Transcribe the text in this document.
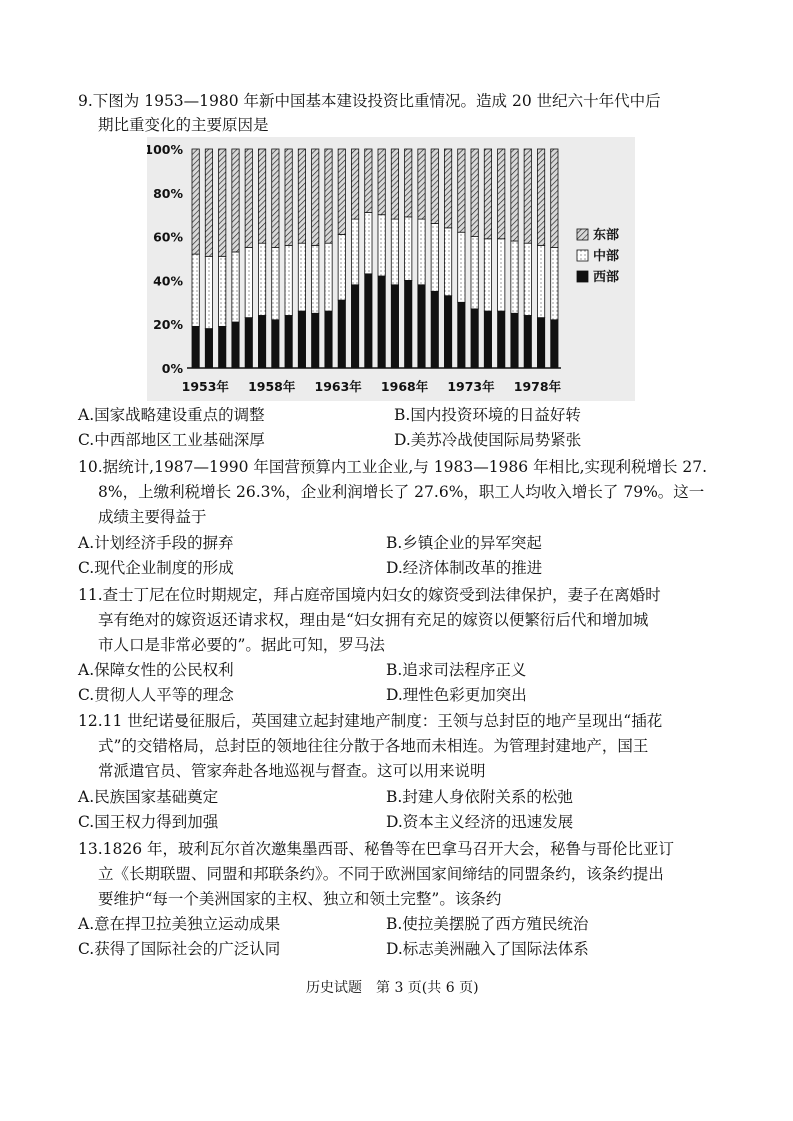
9.下图为 1953—1980 年新中国基本建设投资比重情况。造成 20 世纪六十年代中后
期比重变化的主要原因是
0%
20%
40%
60%
80%
100%
1953年 1958年 1963年 1968年 1973年 1978年
东部
中部
西部
A.国家战略建设重点的调整	B.国内投资环境的日益好转
C.中西部地区工业基础深厚	D.美苏冷战使国际局势紧张
10.据统计,1987—1990 年国营预算内工业企业,与 1983—1986 年相比,实现利税增长 27.
8%，上缴利税增长 26.3%，企业利润增长了 27.6%，职工人均收入增长了 79%。这一
成绩主要得益于
A.计划经济手段的摒弃	B.乡镇企业的异军突起
C.现代企业制度的形成	D.经济体制改革的推进
11.查士丁尼在位时期规定，拜占庭帝国境内妇女的嫁资受到法律保护，妻子在离婚时
享有绝对的嫁资返还请求权，理由是“妇女拥有充足的嫁资以便繁衍后代和增加城
市人口是非常必要的”。据此可知，罗马法
A.保障女性的公民权利	B.追求司法程序正义
C.贯彻人人平等的理念	D.理性色彩更加突出
12.11 世纪诺曼征服后，英国建立起封建地产制度：王领与总封臣的地产呈现出“插花
式”的交错格局，总封臣的领地往往分散于各地而未相连。为管理封建地产，国王
常派遣官员、管家奔赴各地巡视与督查。这可以用来说明
A.民族国家基础奠定	B.封建人身依附关系的松弛
C.国王权力得到加强	D.资本主义经济的迅速发展
13.1826 年，玻利瓦尔首次邀集墨西哥、秘鲁等在巴拿马召开大会，秘鲁与哥伦比亚订
立《长期联盟、同盟和邦联条约》。不同于欧洲国家间缔结的同盟条约，该条约提出
要维护“每一个美洲国家的主权、独立和领土完整”。该条约
A.意在捍卫拉美独立运动成果	B.使拉美摆脱了西方殖民统治
C.获得了国际社会的广泛认同	D.标志美洲融入了国际法体系
历史试题　第 3 页(共 6 页)
